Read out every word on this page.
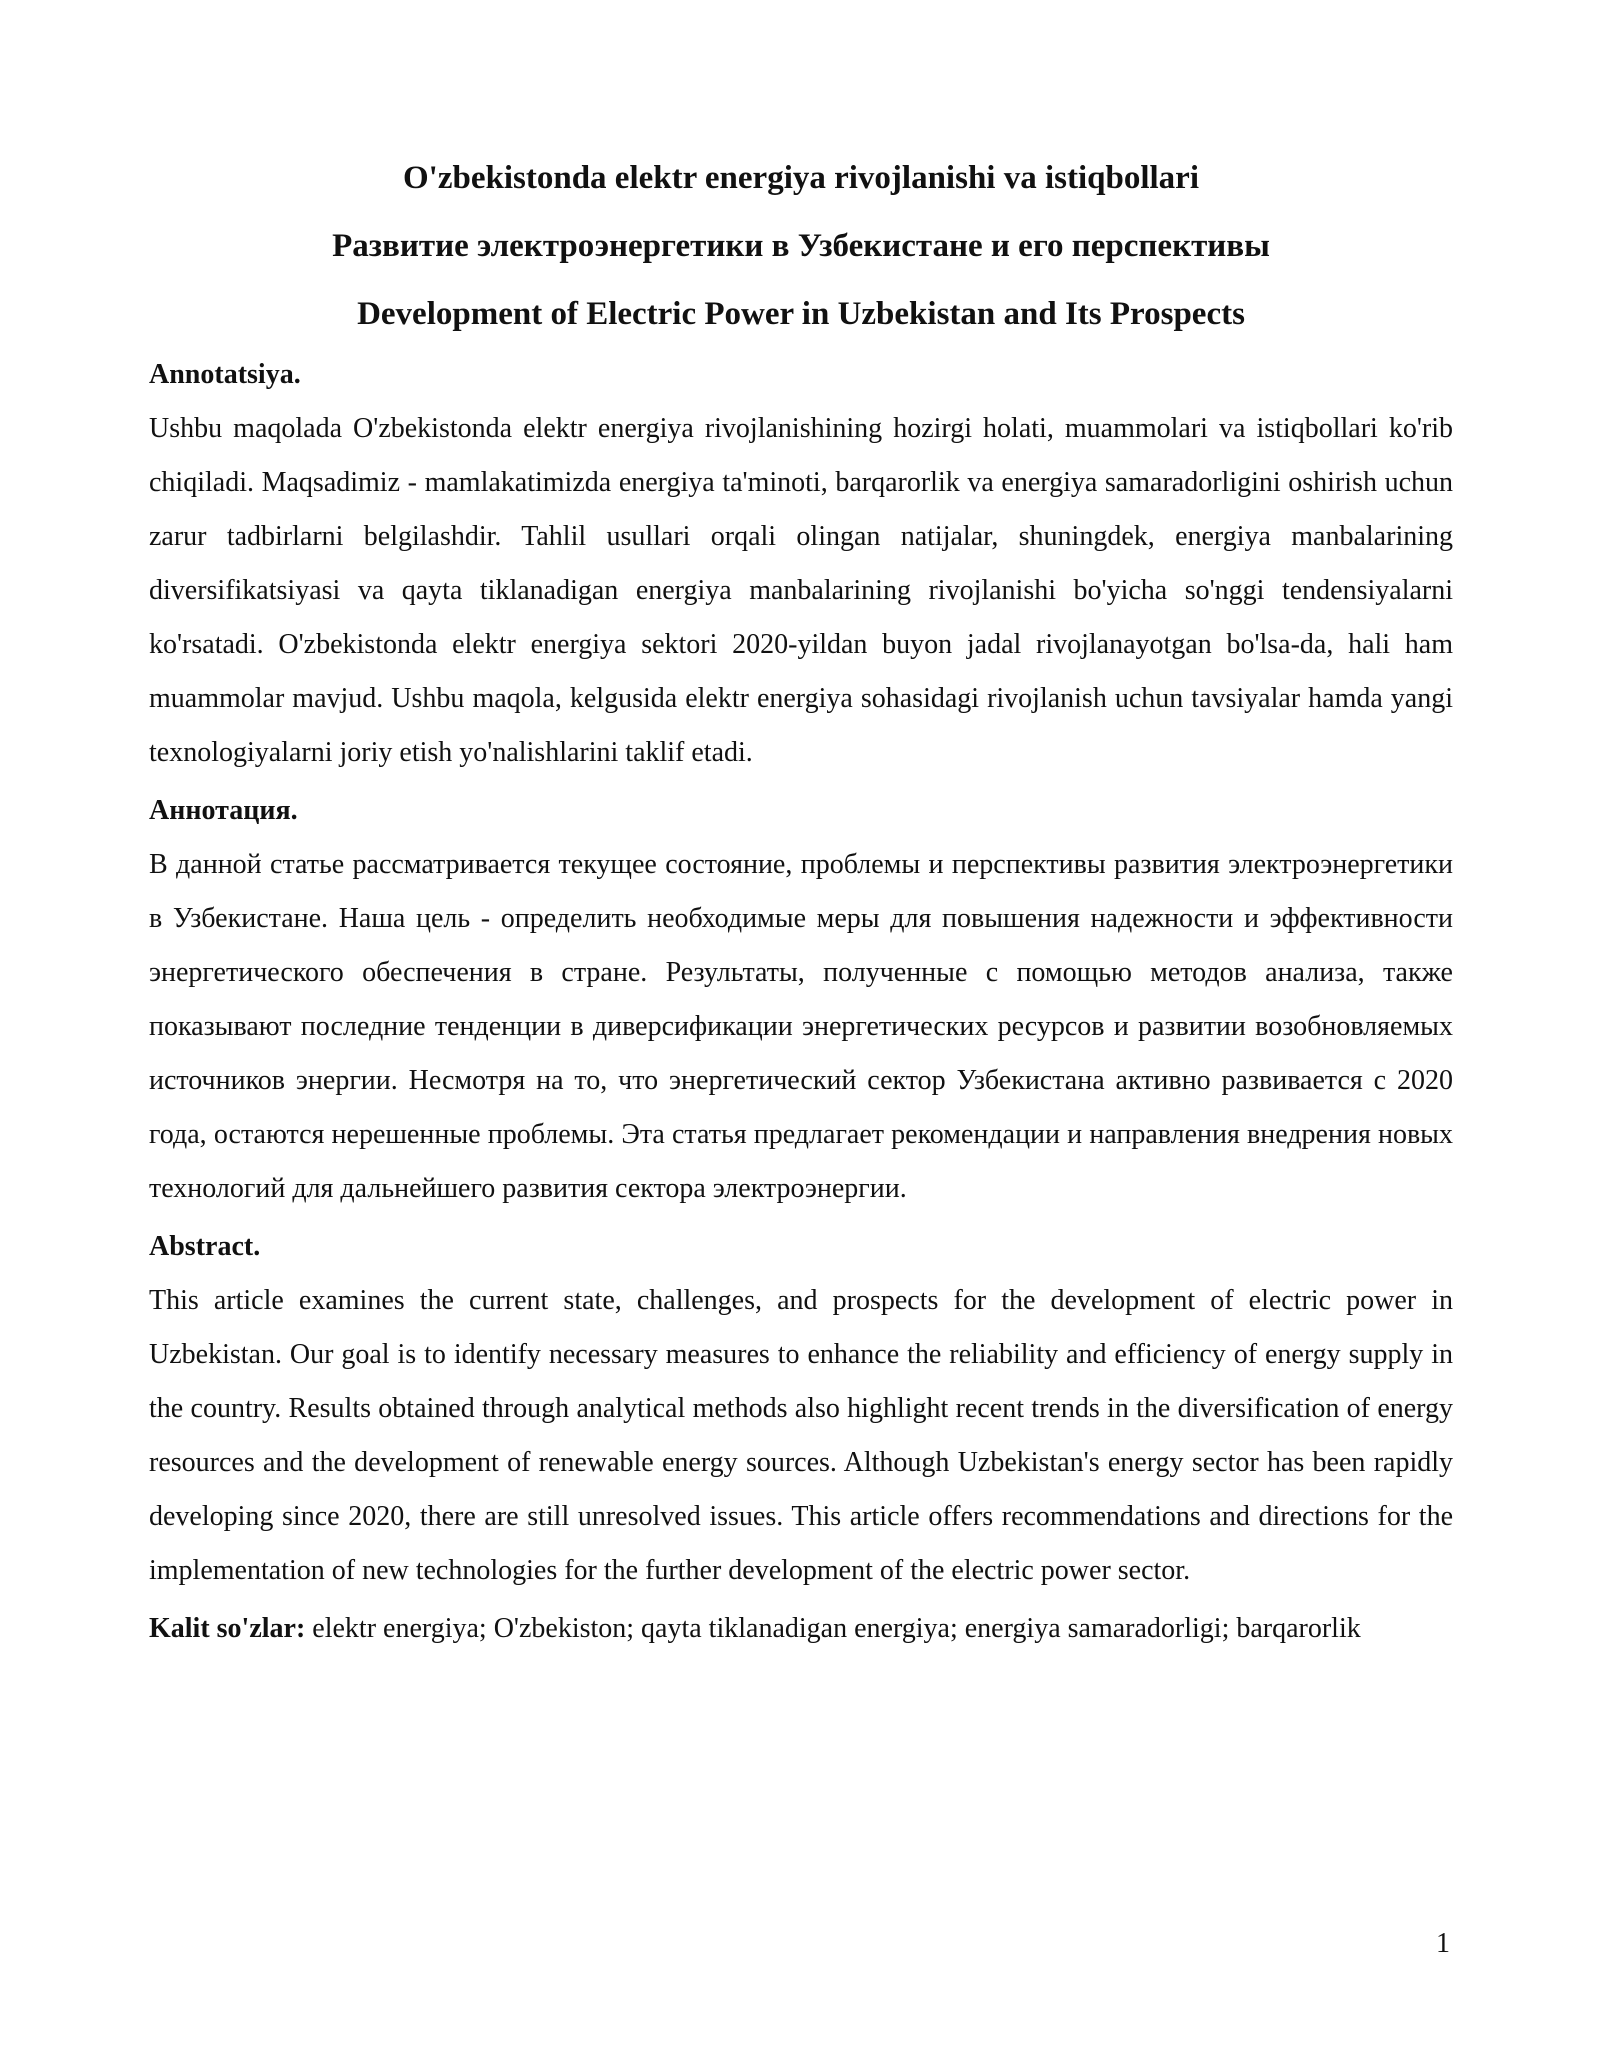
O'zbekistonda elektr energiya rivojlanishi va istiqbollari
Развитие электроэнергетики в Узбекистане и его перспективы
Development of Electric Power in Uzbekistan and Its Prospects
Annotatsiya.

Ushbu maqolada O'zbekistonda elektr energiya rivojlanishining hozirgi holati, muammolari va istiqbollari ko'rib chiqiladi. Maqsadimiz - mamlakatimizda energiya ta'minoti, barqarorlik va energiya samaradorligini oshirish uchun zarur tadbirlarni belgilashdir. Tahlil usullari orqali olingan natijalar, shuningdek, energiya manbalarining diversifikatsiyasi va qayta tiklanadigan energiya manbalarining rivojlanishi bo'yicha so'nggi tendensiyalarni ko'rsatadi. O'zbekistonda elektr energiya sektori 2020-yildan buyon jadal rivojlanayotgan bo'lsa-da, hali ham muammolar mavjud. Ushbu maqola, kelgusida elektr energiya sohasidagi rivojlanish uchun tavsiyalar hamda yangi texnologiyalarni joriy etish yo'nalishlarini taklif etadi.

Аннотация.

В данной статье рассматривается текущее состояние, проблемы и перспективы развития электроэнергетики в Узбекистане. Наша цель - определить необходимые меры для повышения надежности и эффективности энергетического обеспечения в стране. Результаты, полученные с помощью методов анализа, также показывают последние тенденции в диверсификации энергетических ресурсов и развитии возобновляемых источников энергии. Несмотря на то, что энергетический сектор Узбекистана активно развивается с 2020 года, остаются нерешенные проблемы. Эта статья предлагает рекомендации и направления внедрения новых технологий для дальнейшего развития сектора электроэнергии.

Abstract.

This article examines the current state, challenges, and prospects for the development of electric power in Uzbekistan. Our goal is to identify necessary measures to enhance the reliability and efficiency of energy supply in the country. Results obtained through analytical methods also highlight recent trends in the diversification of energy resources and the development of renewable energy sources. Although Uzbekistan's energy sector has been rapidly developing since 2020, there are still unresolved issues. This article offers recommendations and directions for the implementation of new technologies for the further development of the electric power sector.

Kalit so'zlar: elektr energiya; O'zbekiston; qayta tiklanadigan energiya; energiya samaradorligi; barqarorlik

1
